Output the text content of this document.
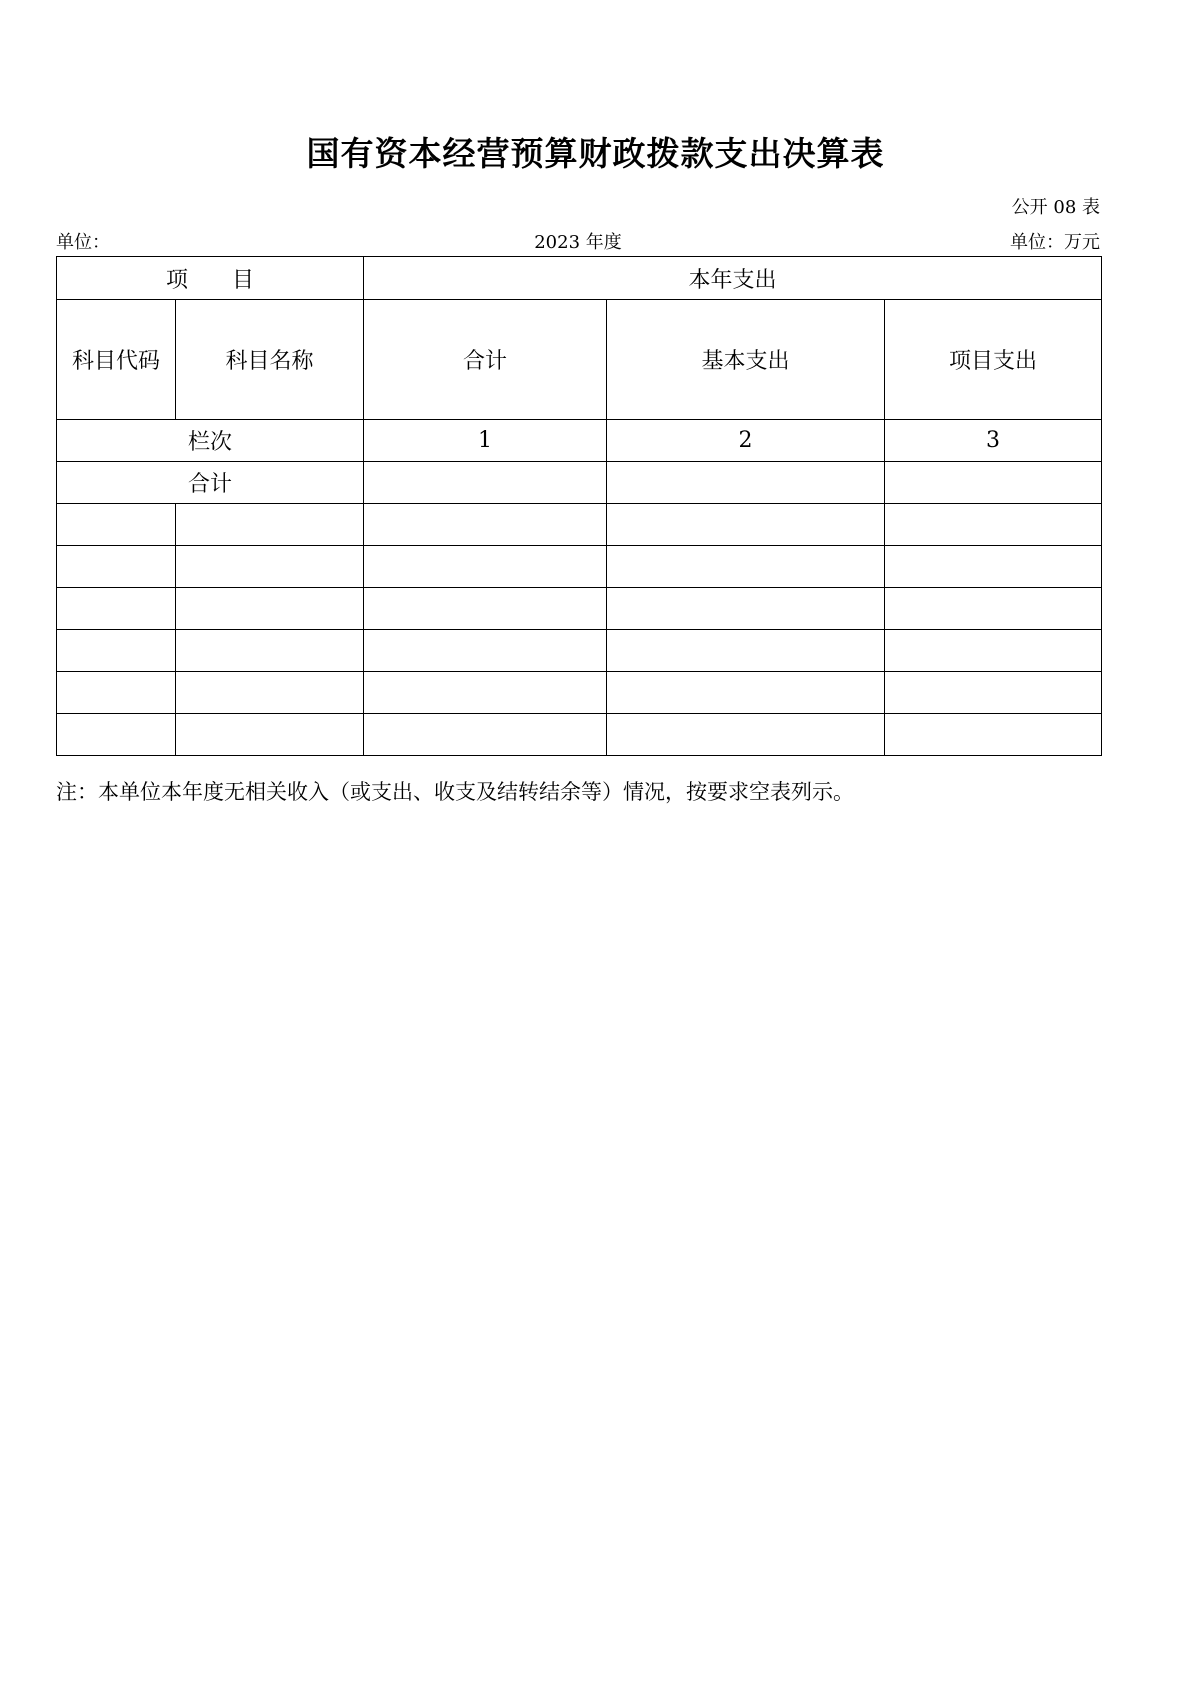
国有资本经营预算财政拨款支出决算表
公开 08 表
单位：	2023 年度	单位：万元
项　　目		本年支出		
科目代码	科目名称	合计	基本支出	项目支出
栏次		1	2	3
合计				

注：本单位本年度无相关收入（或支出、收支及结转结余等）情况，按要求空表列示。
